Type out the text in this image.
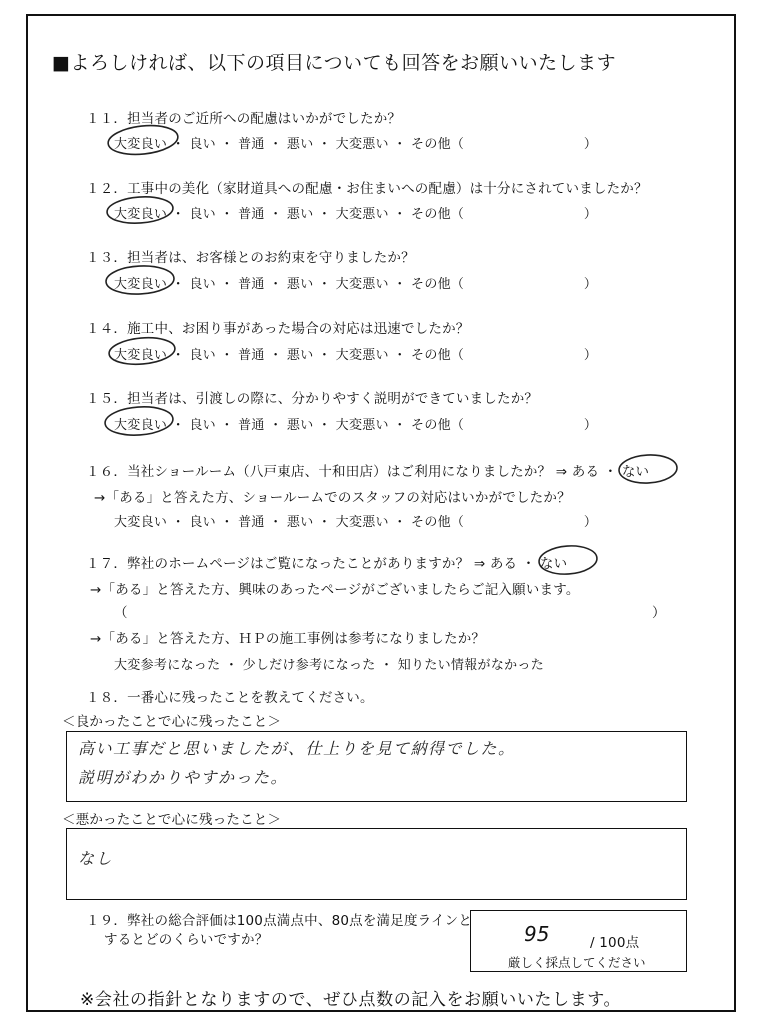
■よろしければ、以下の項目についても回答をお願いいたします
１１．担当者のご近所への配慮はいかがでしたか？
大変良い ・ 良い ・ 普通 ・ 悪い ・ 大変悪い ・ その他（　　　　　　　　　）
１２．工事中の美化（家財道具への配慮・お住まいへの配慮）は十分にされていましたか？
大変良い ・ 良い ・ 普通 ・ 悪い ・ 大変悪い ・ その他（　　　　　　　　　）
１３．担当者は、お客様とのお約束を守りましたか？
大変良い ・ 良い ・ 普通 ・ 悪い ・ 大変悪い ・ その他（　　　　　　　　　）
１４．施工中、お困り事があった場合の対応は迅速でしたか？
大変良い ・ 良い ・ 普通 ・ 悪い ・ 大変悪い ・ その他（　　　　　　　　　）
１５．担当者は、引渡しの際に、分かりやすく説明ができていましたか？
大変良い ・ 良い ・ 普通 ・ 悪い ・ 大変悪い ・ その他（　　　　　　　　　）
１６．当社ショールーム（八戸東店、十和田店）はご利用になりましたか？ ⇒ ある ・ ない
→「ある」と答えた方、ショールームでのスタッフの対応はいかがでしたか？
大変良い ・ 良い ・ 普通 ・ 悪い ・ 大変悪い ・ その他（　　　　　　　　　）
１７．弊社のホームページはご覧になったことがありますか？ ⇒ ある ・ ない
→「ある」と答えた方、興味のあったページがございましたらご記入願います。
（	）
→「ある」と答えた方、ＨＰの施工事例は参考になりましたか？
大変参考になった ・ 少しだけ参考になった ・ 知りたい情報がなかった
１８．一番心に残ったことを教えてください。
＜良かったことで心に残ったこと＞
高い工事だと思いましたが、仕上りを見て納得でした。
説明がわかりやすかった。
＜悪かったことで心に残ったこと＞
なし
１９．弊社の総合評価は100点満点中、80点を満足度ラインと
するとどのくらいですか？	95	/ 100点
厳しく採点してください
※会社の指針となりますので、ぜひ点数の記入をお願いいたします。
